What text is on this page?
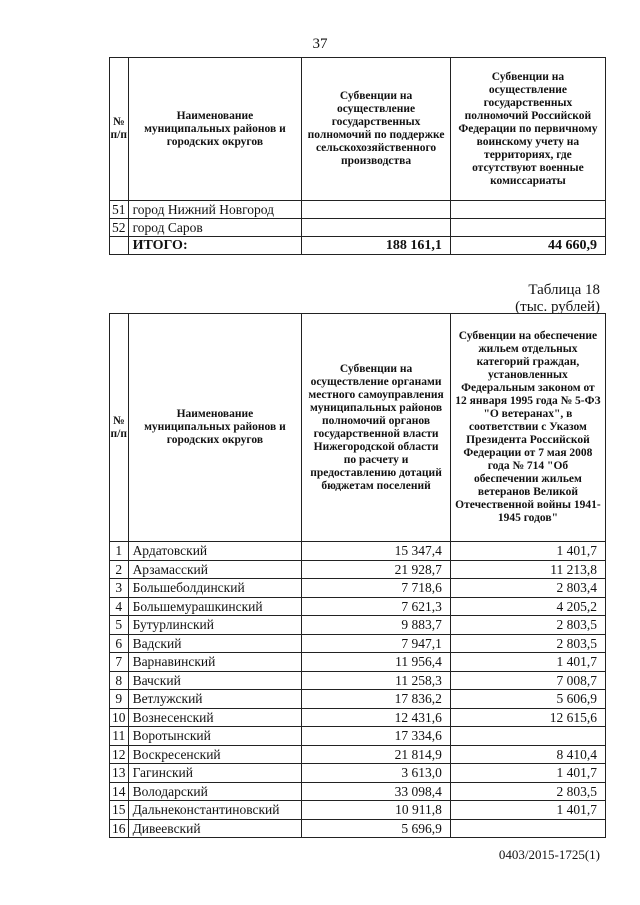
37
№ п/п	Наименование муниципальных районов и городских округов	Субвенции на осуществление государственных полномочий по поддержке сельскохозяйственного производства	Субвенции на осуществление государственных полномочий Российской Федерации по первичному воинскому учету на территориях, где отсутствуют военные комиссариаты
51	город Нижний Новгород		
52	город Саров		
	ИТОГО:	188 161,1	44 660,9
Таблица 18
(тыс. рублей)
№ п/п	Наименование муниципальных районов и городских округов	Субвенции на осуществление органами местного самоуправления муниципальных районов полномочий органов государственной власти Нижегородской области по расчету и предоставлению дотаций бюджетам поселений	Субвенции на обеспечение жильем отдельных категорий граждан, установленных Федеральным законом от 12 января 1995 года № 5-ФЗ "О ветеранах", в соответствии с Указом Президента Российской Федерации от 7 мая 2008 года № 714 "Об обеспечении жильем ветеранов Великой Отечественной войны 1941-1945 годов"
1	Ардатовский	15 347,4	1 401,7
2	Арзамасский	21 928,7	11 213,8
3	Большеболдинский	7 718,6	2 803,4
4	Большемурашкинский	7 621,3	4 205,2
5	Бутурлинский	9 883,7	2 803,5
6	Вадский	7 947,1	2 803,5
7	Варнавинский	11 956,4	1 401,7
8	Вачский	11 258,3	7 008,7
9	Ветлужский	17 836,2	5 606,9
10	Вознесенский	12 431,6	12 615,6
11	Воротынский	17 334,6	
12	Воскресенский	21 814,9	8 410,4
13	Гагинский	3 613,0	1 401,7
14	Володарский	33 098,4	2 803,5
15	Дальнеконстантиновский	10 911,8	1 401,7
16	Дивеевский	5 696,9	
0403/2015-1725(1)
